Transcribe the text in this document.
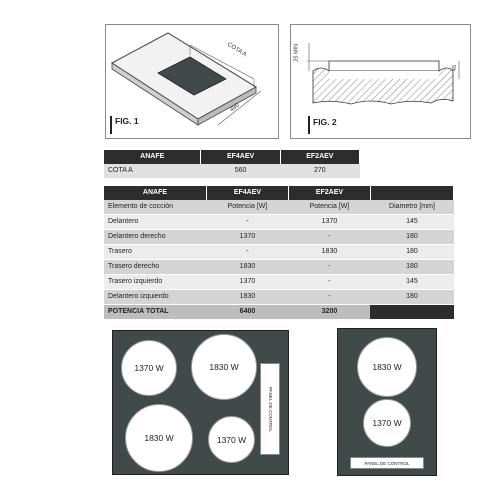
COTA A
480
FIG. 1
25 MIN.
45
FIG. 2
ANAFE	EF4AEV	EF2AEV
COTA A	560	270
ANAFE	EF4AEV	EF2AEV	
Elemento de cocción	Potencia [W]	Potencia [W]	Diametro [mm]
Delantero	-	1370	145
Delantero derecho	1370	-	180
Trasero	-	1830	180
Trasero derecho	1830	-	180
Trasero izquierdo	1370	-	145
Delantero izquierdo	1830	-	180
POTENCIA TOTAL	6400	3200	
1370 W	1830 W
1830 W	1370 W
PANEL DE CONTROL
1830 W
1370 W
PANEL DE CONTROL
